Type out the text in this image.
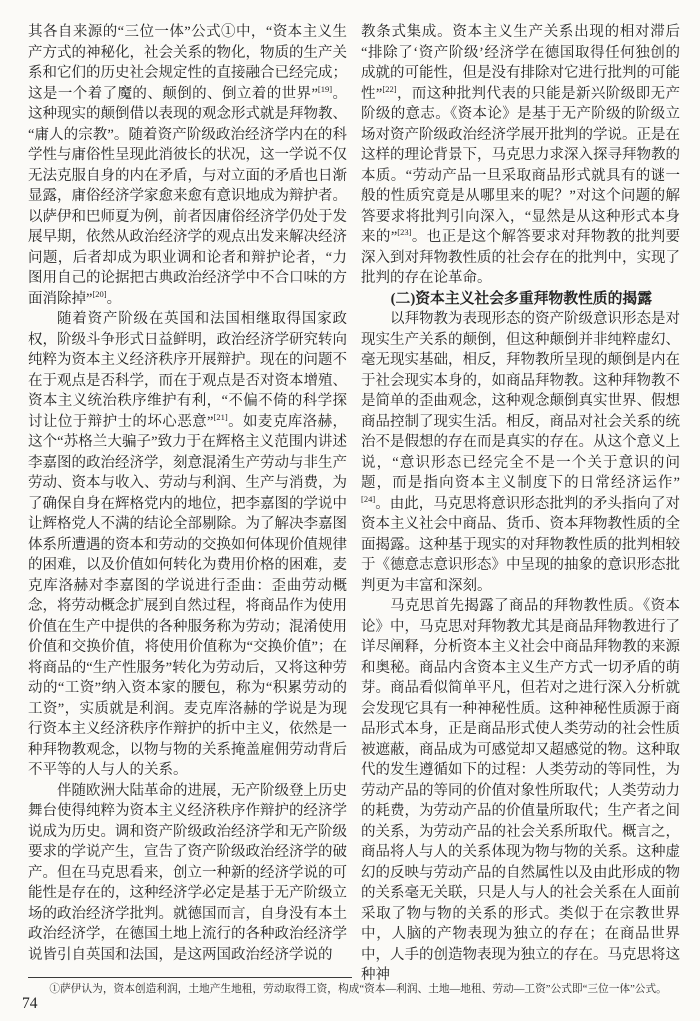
其各自来源的“三位一体”公式①中，“资本主义生产方式的神秘化，社会关系的物化，物质的生产关系和它们的历史社会规定性的直接融合已经完成；这是一个着了魔的、颠倒的、倒立着的世界”[19]。这种现实的颠倒借以表现的观念形式就是拜物教、“庸人的宗教”。随着资产阶级政治经济学内在的科学性与庸俗性呈现此消彼长的状况，这一学说不仅无法克服自身的内在矛盾，与对立面的矛盾也日渐显露，庸俗经济学家愈来愈有意识地成为辩护者。以萨伊和巴师夏为例，前者因庸俗经济学仍处于发展早期，依然从政治经济学的观点出发来解决经济问题，后者却成为职业调和论者和辩护论者，“力图用自己的论据把古典政治经济学中不合口味的方面消除掉”[20]。

随着资产阶级在英国和法国相继取得国家政权，阶级斗争形式日益鲜明，政治经济学研究转向纯粹为资本主义经济秩序开展辩护。现在的问题不在于观点是否科学，而在于观点是否对资本增殖、资本主义统治秩序维护有利，“不偏不倚的科学探讨让位于辩护士的坏心恶意”[21]。如麦克库洛赫，这个“苏格兰大骗子”致力于在辉格主义范围内讲述李嘉图的政治经济学，刻意混淆生产劳动与非生产劳动、资本与收入、劳动与利润、生产与消费，为了确保自身在辉格党内的地位，把李嘉图的学说中让辉格党人不满的结论全部剔除。为了解决李嘉图体系所遭遇的资本和劳动的交换如何体现价值规律的困难，以及价值如何转化为费用价格的困难，麦克库洛赫对李嘉图的学说进行歪曲：歪曲劳动概念，将劳动概念扩展到自然过程，将商品作为使用价值在生产中提供的各种服务称为劳动；混淆使用价值和交换价值，将使用价值称为“交换价值”；在将商品的“生产性服务”转化为劳动后，又将这种劳动的“工资”纳入资本家的腰包，称为“积累劳动的工资”，实质就是利润。麦克库洛赫的学说是为现行资本主义经济秩序作辩护的折中主义，依然是一种拜物教观念，以物与物的关系掩盖雇佣劳动背后不平等的人与人的关系。

伴随欧洲大陆革命的进展，无产阶级登上历史舞台使得纯粹为资本主义经济秩序作辩护的经济学说成为历史。调和资产阶级政治经济学和无产阶级要求的学说产生，宣告了资产阶级政治经济学的破产。但在马克思看来，创立一种新的经济学说的可能性是存在的，这种经济学必定是基于无产阶级立场的政治经济学批判。就德国而言，自身没有本土政治经济学，在德国土地上流行的各种政治经济学说皆引自英国和法国，是这两国政治经济学说的

教条式集成。资本主义生产关系出现的相对滞后“排除了‘资产阶级’经济学在德国取得任何独创的成就的可能性，但是没有排除对它进行批判的可能性”[22]，而这种批判代表的只能是新兴阶级即无产阶级的意志。《资本论》是基于无产阶级的阶级立场对资产阶级政治经济学展开批判的学说。正是在这样的理论背景下，马克思力求深入探寻拜物教的本质。“劳动产品一旦采取商品形式就具有的谜一般的性质究竟是从哪里来的呢？”对这个问题的解答要求将批判引向深入，“显然是从这种形式本身来的”[23]。也正是这个解答要求对拜物教的批判要深入到对拜物教性质的社会存在的批判中，实现了批判的存在论革命。

(二)资本主义社会多重拜物教性质的揭露

以拜物教为表现形态的资产阶级意识形态是对现实生产关系的颠倒，但这种颠倒并非纯粹虚幻、毫无现实基础，相反，拜物教所呈现的颠倒是内在于社会现实本身的，如商品拜物教。这种拜物教不是简单的歪曲观念，这种观念颠倒真实世界、假想商品控制了现实生活。相反，商品对社会关系的统治不是假想的存在而是真实的存在。从这个意义上说，“意识形态已经完全不是一个关于意识的问题，而是指向资本主义制度下的日常经济运作”[24]。由此，马克思将意识形态批判的矛头指向了对资本主义社会中商品、货币、资本拜物教性质的全面揭露。这种基于现实的对拜物教性质的批判相较于《德意志意识形态》中呈现的抽象的意识形态批判更为丰富和深刻。

马克思首先揭露了商品的拜物教性质。《资本论》中，马克思对拜物教尤其是商品拜物教进行了详尽阐释，分析资本主义社会中商品拜物教的来源和奥秘。商品内含资本主义生产方式一切矛盾的萌芽。商品看似简单平凡，但若对之进行深入分析就会发现它具有一种神秘性质。这种神秘性质源于商品形式本身，正是商品形式使人类劳动的社会性质被遮蔽，商品成为可感觉却又超感觉的物。这种取代的发生遵循如下的过程：人类劳动的等同性，为劳动产品的等同的价值对象性所取代；人类劳动力的耗费，为劳动产品的价值量所取代；生产者之间的关系，为劳动产品的社会关系所取代。概言之，商品将人与人的关系体现为物与物的关系。这种虚幻的反映与劳动产品的自然属性以及由此形成的物的关系毫无关联，只是人与人的社会关系在人面前采取了物与物的关系的形式。类似于在宗教世界中，人脑的产物表现为独立的存在；在商品世界中，人手的创造物表现为独立的存在。马克思将这种神

①萨伊认为，资本创造利润，土地产生地租，劳动取得工资，构成“资本—利润、土地—地租、劳动—工资”公式即“三位一体”公式。

74
